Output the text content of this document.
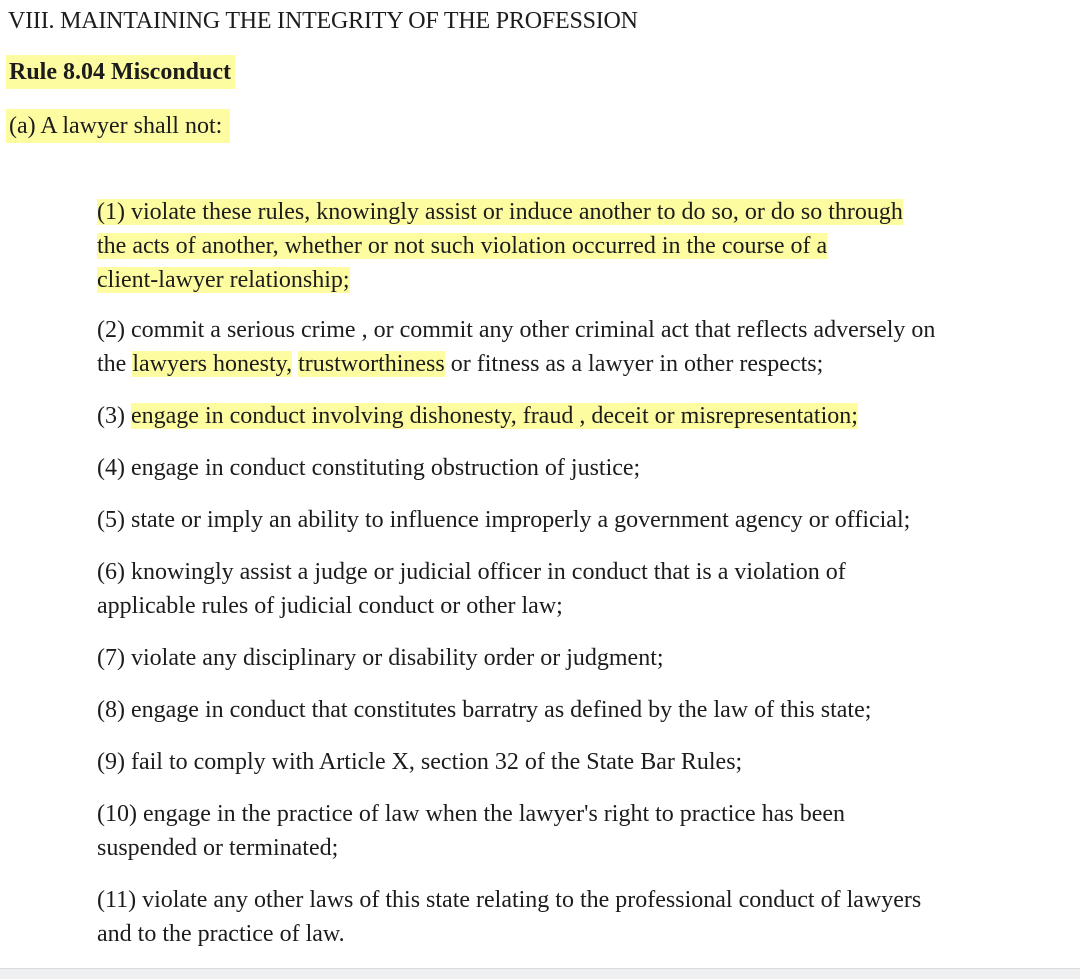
VIII. MAINTAINING THE INTEGRITY OF THE PROFESSION
Rule 8.04 Misconduct
(a) A lawyer shall not:
(1) violate these rules, knowingly assist or induce another to do so, or do so through
the acts of another, whether or not such violation occurred in the course of a
client-lawyer relationship;
(2) commit a serious crime , or commit any other criminal act that reflects adversely on
the lawyers honesty, trustworthiness or fitness as a lawyer in other respects;
(3) engage in conduct involving dishonesty, fraud , deceit or misrepresentation;
(4) engage in conduct constituting obstruction of justice;
(5) state or imply an ability to influence improperly a government agency or official;
(6) knowingly assist a judge or judicial officer in conduct that is a violation of
applicable rules of judicial conduct or other law;
(7) violate any disciplinary or disability order or judgment;
(8) engage in conduct that constitutes barratry as defined by the law of this state;
(9) fail to comply with Article X, section 32 of the State Bar Rules;
(10) engage in the practice of law when the lawyer's right to practice has been
suspended or terminated;
(11) violate any other laws of this state relating to the professional conduct of lawyers
and to the practice of law.
